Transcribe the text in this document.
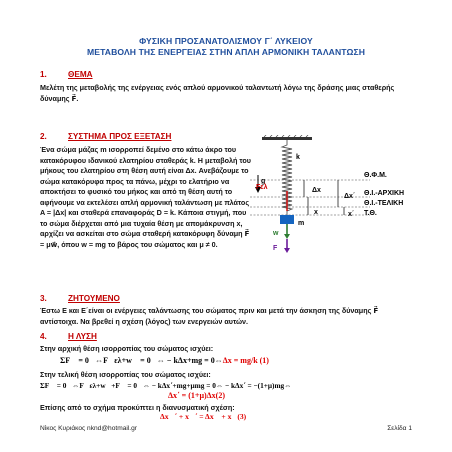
ΦΥΣΙΚΗ ΠΡΟΣΑΝΑΤΟΛΙΣΜΟΥ Γ΄ ΛΥΚΕΙΟΥ
ΜΕΤΑΒΟΛΗ ΤΗΣ ΕΝΕΡΓΕΙΑΣ ΣΤΗΝ ΑΠΛΗ ΑΡΜΟΝΙΚΗ ΤΑΛΑΝΤΩΣΗ
1.	ΘΕΜΑ
Μελέτη της μεταβολής της ενέργειας ενός απλού αρμονικού ταλαντωτή λόγω της δράσης μιας σταθερής δύναμης F⃗.
2.	ΣΥΣΤΗΜΑ ΠΡΟΣ ΕΞΕΤΑΣΗ
Ένα σώμα μάζας m ισορροπεί δεμένο στο κάτω άκρο του κατακόρυφου ιδανικού ελατηρίου σταθεράς k. Η μεταβολή του μήκους του ελατηρίου στη θέση αυτή είναι Δx. Ανεβάζουμε το σώμα κατακόρυφα προς τα πάνω, μέχρι το ελατήριο να αποκτήσει το φυσικό του μήκος και από τη θέση αυτή το αφήνουμε να εκτελέσει απλή αρμονική ταλάντωση με πλάτος A = |Δx| και σταθερά επαναφοράς D = k. Κάποια στιγμή, που το σώμα διέρχεται από μια τυχαία θέση με απομάκρυνση x, αρχίζει να ασκείται στο σώμα σταθερή κατακόρυφη δύναμη F⃗ = μw⃗, όπου w = mg το βάρος του σώματος και μ ≠ 0.
g
k
Fελ	Δx
Δx΄
x	x΄
m
w
F
Θ.Φ.Μ.
Θ.Ι.-ΑΡΧΙΚΗ
Θ.Ι.-ΤΕΛΙΚΗ
Τ.Θ.
3.	ΖΗΤΟΥΜΕΝΟ
Έστω E και E΄είναι οι ενέργειες ταλάντωσης του σώματος πριν και μετά την άσκηση της δύναμης F⃗ αντίστοιχα. Να βρεθεί η σχέση (λόγος) των ενεργειών αυτών.
4.	Η ΛΥΣΗ
Στην αρχική θέση ισορροπίας του σώματος ισχύει:
ΣF⃗ = 0⃗⇔F⃗ελ+w⃗ = 0⃗⇔ − kΔx+mg = 0⇔Δx = mg/k (1)
Στην τελική θέση ισορροπίας του σώματος ισχύει:
ΣF⃗ = 0⃗⇔F⃗ελ+w⃗+F⃗ = 0⃗⇔ − kΔx΄+mg+μmg = 0⇔ − kΔx΄ = −(1+μ)mg⇔
Δx΄ = (1+μ)Δx(2)
Επίσης από το σχήμα προκύπτει η διανυσματική σχέση:
Δx⃗΄ + x⃗΄ = Δx⃗ + x⃗(3)
Νίκος Κυριάκος nknd@hotmail.gr	Σελίδα 1
